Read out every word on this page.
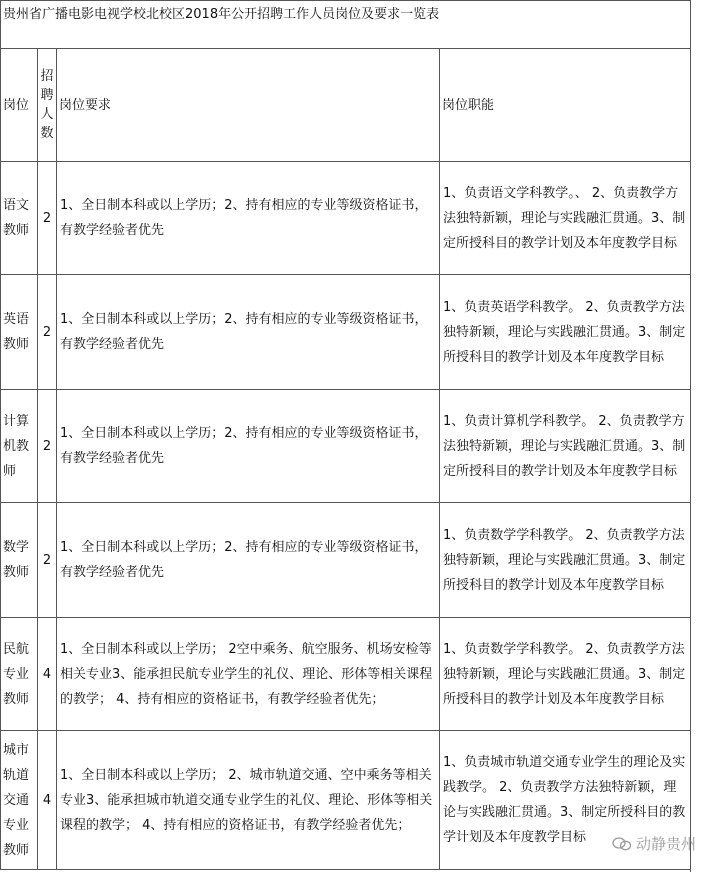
贵州省广播电影电视学校北校区2018年公开招聘工作人员岗位及要求一览表			
岗位	招聘人数	岗位要求	岗位职能
语文教师	2	1、全日制本科或以上学历；2、持有相应的专业等级资格证书，有教学经验者优先	1、负责语文学科教学。、 2、负责教学方法独特新颖，理论与实践融汇贯通。3、制定所授科目的教学计划及本年度教学目标
英语教师	2	1、全日制本科或以上学历；2、持有相应的专业等级资格证书，有教学经验者优先	1、负责英语学科教学。 2、负责教学方法独特新颖，理论与实践融汇贯通。3、制定所授科目的教学计划及本年度教学目标
计算机教师	2	1、全日制本科或以上学历；2、持有相应的专业等级资格证书，有教学经验者优先	1、负责计算机学科教学。 2、负责教学方法独特新颖，理论与实践融汇贯通。3、制定所授科目的教学计划及本年度教学目标
数学教师	2	1、全日制本科或以上学历；2、持有相应的专业等级资格证书，有教学经验者优先	1、负责数学学科教学。 2、负责教学方法独特新颖，理论与实践融汇贯通。3、制定所授科目的教学计划及本年度教学目标
民航专业教师	4	1、全日制本科或以上学历； 2空中乘务、航空服务、机场安检等相关专业3、能承担民航专业学生的礼仪、理论、形体等相关课程的教学； 4、持有相应的资格证书，有教学经验者优先；	1、负责数学学科教学。 2、负责教学方法独特新颖，理论与实践融汇贯通。3、制定所授科目的教学计划及本年度教学目标
城市轨道交通专业教师	4	1、全日制本科或以上学历； 2、城市轨道交通、空中乘务等相关专业3、能承担城市轨道交通专业学生的礼仪、理论、形体等相关课程的教学； 4、持有相应的资格证书，有教学经验者优先；	1、负责城市轨道交通专业学生的理论及实践教学。 2、负责教学方法独特新颖，理论与实践融汇贯通。3、制定所授科目的教学计划及本年度教学目标	动静贵州
